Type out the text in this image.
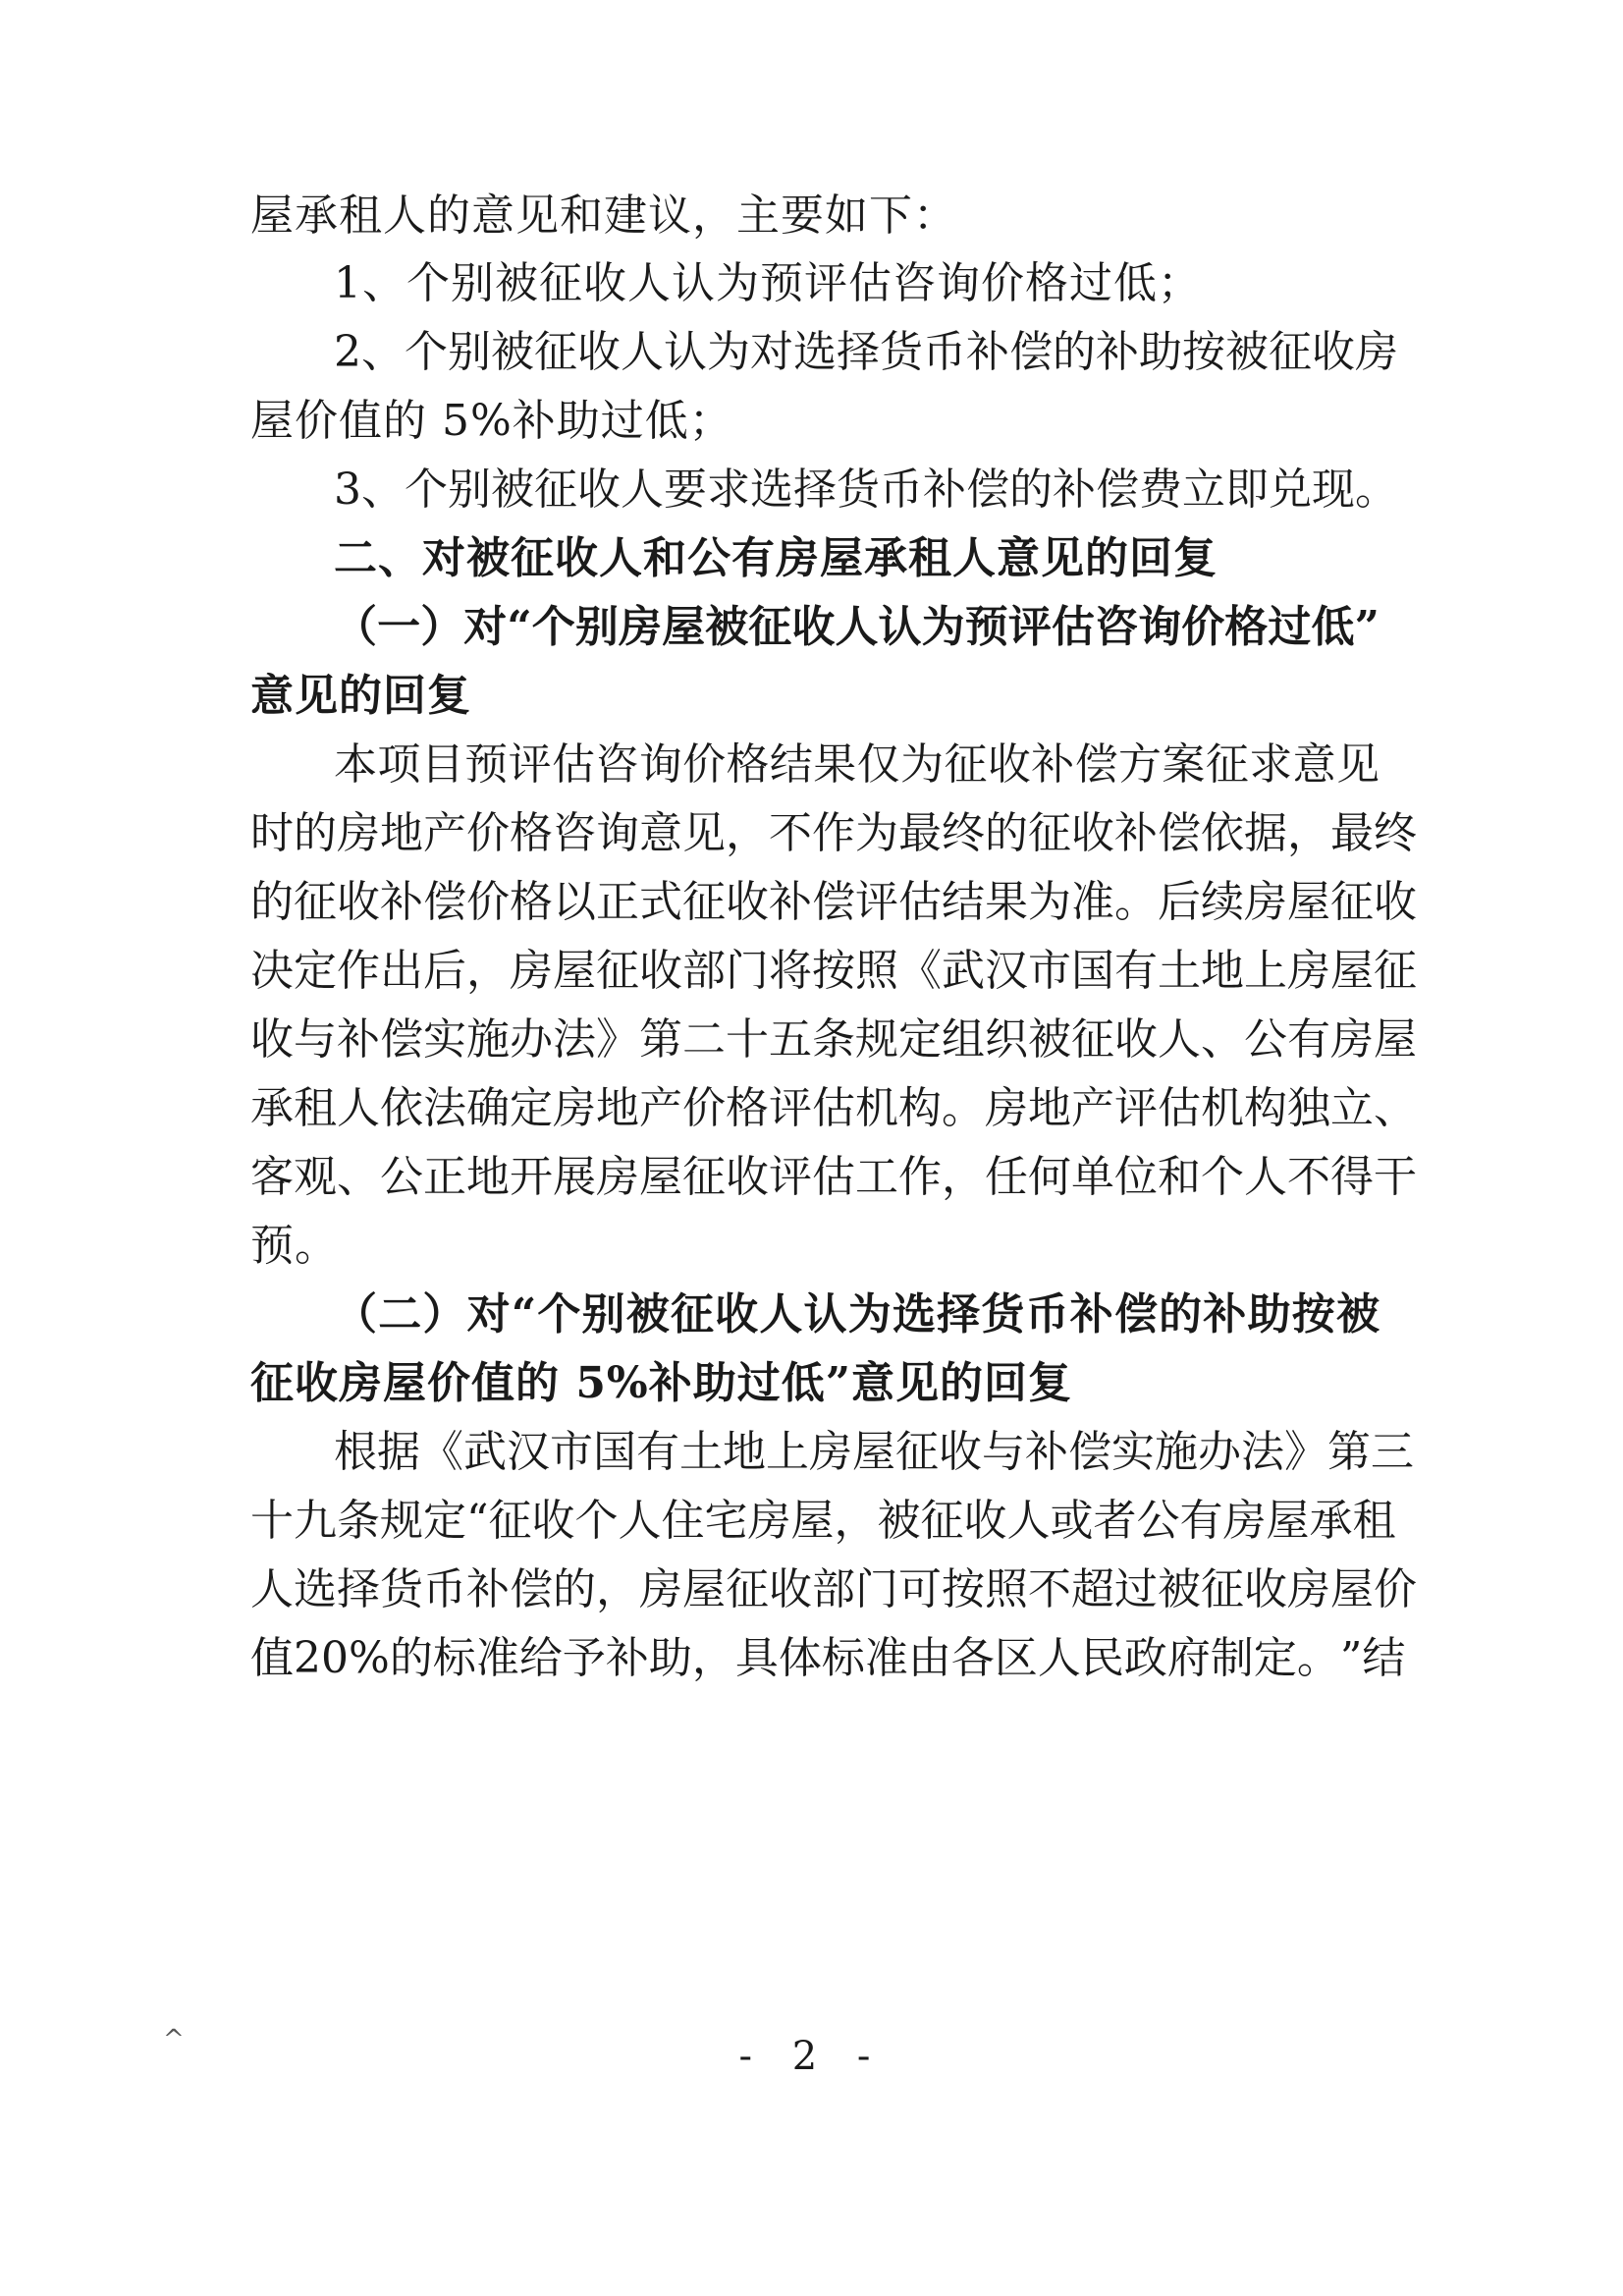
屋承租人的意见和建议，主要如下：
1、个别被征收人认为预评估咨询价格过低；
2 、 个 别 被 征 收 人 认 为 对 选 择 货 币 补 偿 的 补 助 按 被 征 收 房
屋价值的 5%补助过低；
3 、 个 别 被 征 收 人 要 求 选 择 货 币 补 偿 的 补 偿 费 立 即 兑 现 。
二、对被征收人和公有房屋承租人意见的回复
（ 一 ） 对 “ 个 别 房 屋 被 征 收 人 认 为 预 评 估 咨 询 价 格 过 低 ”
意见的回复
本 项 目 预 评 估 咨 询 价 格 结 果 仅 为 征 收 补 偿 方 案 征 求 意 见
时 的 房 地 产 价 格 咨 询 意 见 ， 不 作 为 最 终 的 征 收 补 偿 依 据 ， 最 终
的 征 收 补 偿 价 格 以 正 式 征 收 补 偿 评 估 结 果 为 准 。 后 续 房 屋 征 收
决 定 作 出 后 ， 房 屋 征 收 部 门 将 按 照 《 武 汉 市 国 有 土 地 上 房 屋 征
收 与 补 偿 实 施 办 法 》 第 二 十 五 条 规 定 组 织 被 征 收 人 、 公 有 房 屋
承 租 人 依 法 确 定 房 地 产 价 格 评 估 机 构 。 房 地 产 评 估 机 构 独 立 、
客 观 、 公 正 地 开 展 房 屋 征 收 评 估 工 作 ， 任 何 单 位 和 个 人 不 得 干
预。
（ 二 ） 对 “ 个 别 被 征 收 人 认 为 选 择 货 币 补 偿 的 补 助 按 被
征收房屋价值的 5%补助过低”意见的回复
根 据 《 武 汉 市 国 有 土 地 上 房 屋 征 收 与 补 偿 实 施 办 法 》 第 三
十 九 条 规 定 “ 征 收 个 人 住 宅 房 屋 ， 被 征 收 人 或 者 公 有 房 屋 承 租
人 选 择 货 币 补 偿 的 ， 房 屋 征 收 部 门 可 按 照 不 超 过 被 征 收 房 屋 价
值 2 0 % 的 标 准 给 予 补 助 ， 具 体 标 准 由 各 区 人 民 政 府 制 定 。 ” 结
^	- 2 -
